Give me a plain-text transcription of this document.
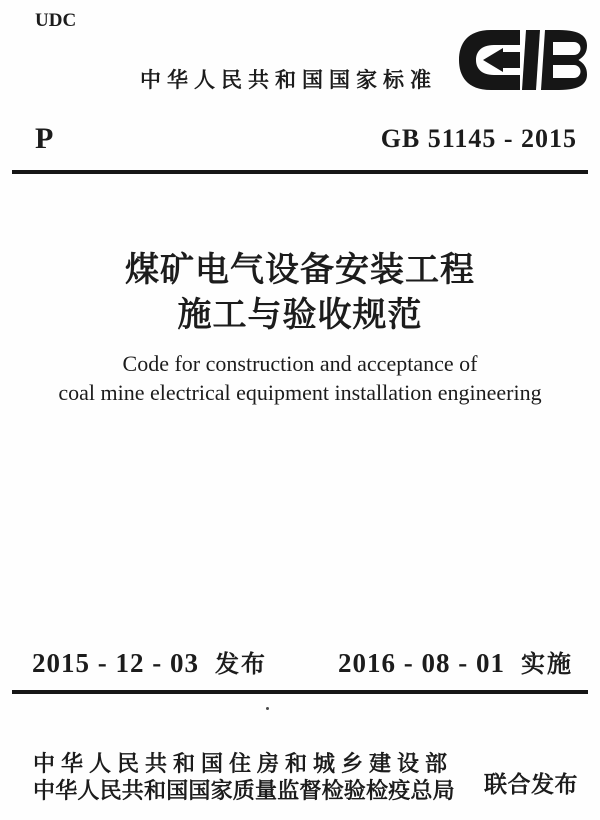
UDC
中华人民共和国国家标准
P	GB 51145 - 2015
煤矿电气设备安装工程
施工与验收规范
Code for construction and acceptance of
coal mine electrical equipment installation engineering
2015 - 12 - 03 发布	2016 - 08 - 01 实施
中华人民共和国住房和城乡建设部
中华人民共和国国家质量监督检验检疫总局 联合发布
